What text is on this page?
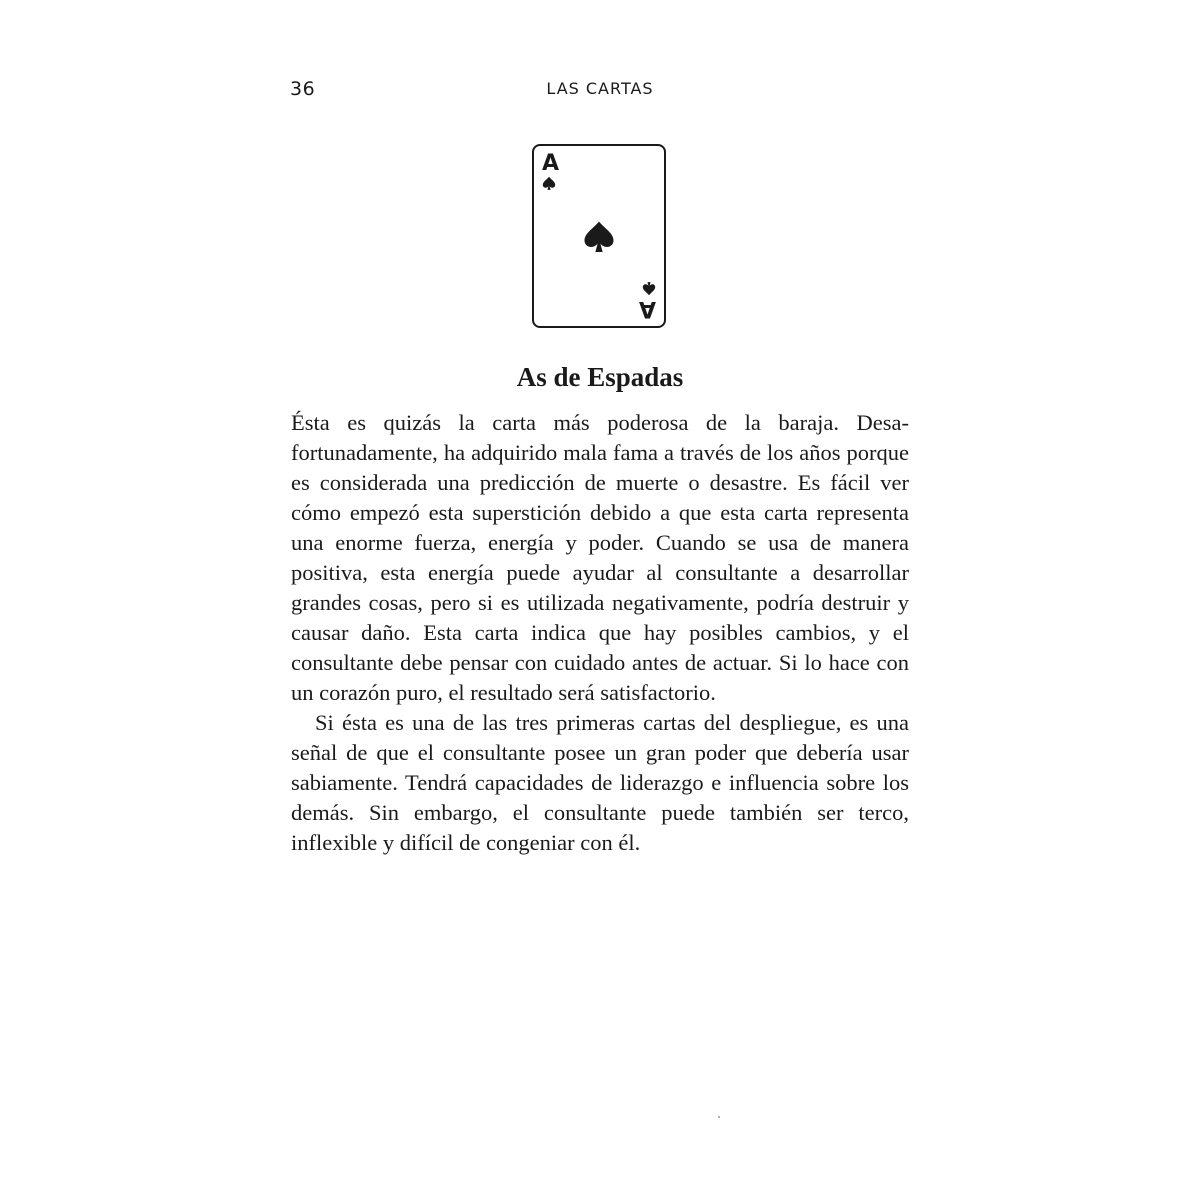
36	LAS CARTAS
A
A
As de Espadas

Ésta es quizás la carta más poderosa de la baraja. Desafortunadamente, ha adquirido mala fama a través de los años porque es considerada una predicción de muerte o desastre. Es fácil ver cómo empezó esta superstición debido a que esta carta representa una enorme fuerza, energía y poder. Cuando se usa de manera positiva, esta energía puede ayudar al consultante a desarrollar grandes cosas, pero si es utilizada negativamente, podría destruir y causar daño. Esta carta indica que hay posibles cambios, y el consultante debe pensar con cuidado antes de actuar. Si lo hace con un corazón puro, el resultado será satisfactorio.

Si ésta es una de las tres primeras cartas del despliegue, es una señal de que el consultante posee un gran poder que debería usar sabiamente. Tendrá capacidades de liderazgo e influencia sobre los demás. Sin embargo, el consultante puede también ser terco, inflexible y difícil de congeniar con él.
